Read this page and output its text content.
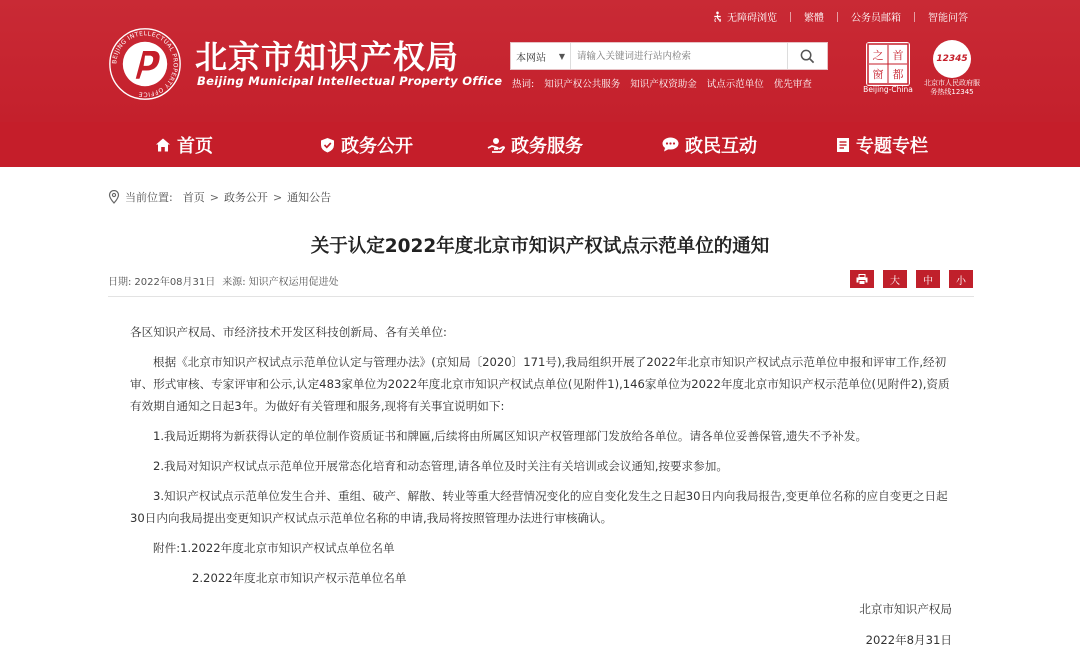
无障碍浏览	繁體	公务员邮箱	智能问答
BEIJING INTELLECTUAL PROPERTY OFFICE
北京市知识产权局
Beijing Municipal Intellectual Property Office
本网站 ▼
请输入关键词进行站内检索
热词: 知识产权公共服务 知识产权资助金 试点示范单位 优先审查
之 首
窗 都
Beijing-China
12345
北京市人民政府服务热线12345
首页	政务公开	政务服务	政民互动	专题专栏
当前位置: 首页 > 政务公开 > 通知公告
关于认定2022年度北京市知识产权试点示范单位的通知
日期: 2022年08月31日 来源: 知识产权运用促进处	大	中	小

各区知识产权局、市经济技术开发区科技创新局、各有关单位:

根据《北京市知识产权试点示范单位认定与管理办法》(京知局〔2020〕171号),我局组织开展了2022年北京市知识产权试点示范单位申报和评审工作,经初审、形式审核、专家评审和公示,认定483家单位为2022年度北京市知识产权试点单位(见附件1),146家单位为2022年度北京市知识产权示范单位(见附件2),资质有效期自通知之日起3年。为做好有关管理和服务,现将有关事宜说明如下:

1.我局近期将为新获得认定的单位制作资质证书和牌匾,后续将由所属区知识产权管理部门发放给各单位。请各单位妥善保管,遗失不予补发。

2.我局对知识产权试点示范单位开展常态化培育和动态管理,请各单位及时关注有关培训或会议通知,按要求参加。

3.知识产权试点示范单位发生合并、重组、破产、解散、转业等重大经营情况变化的应自变化发生之日起30日内向我局报告,变更单位名称的应自变更之日起30日内向我局提出变更知识产权试点示范单位名称的申请,我局将按照管理办法进行审核确认。

附件:1.2022年度北京市知识产权试点单位名单

2.2022年度北京市知识产权示范单位名单

北京市知识产权局
2022年8月31日
